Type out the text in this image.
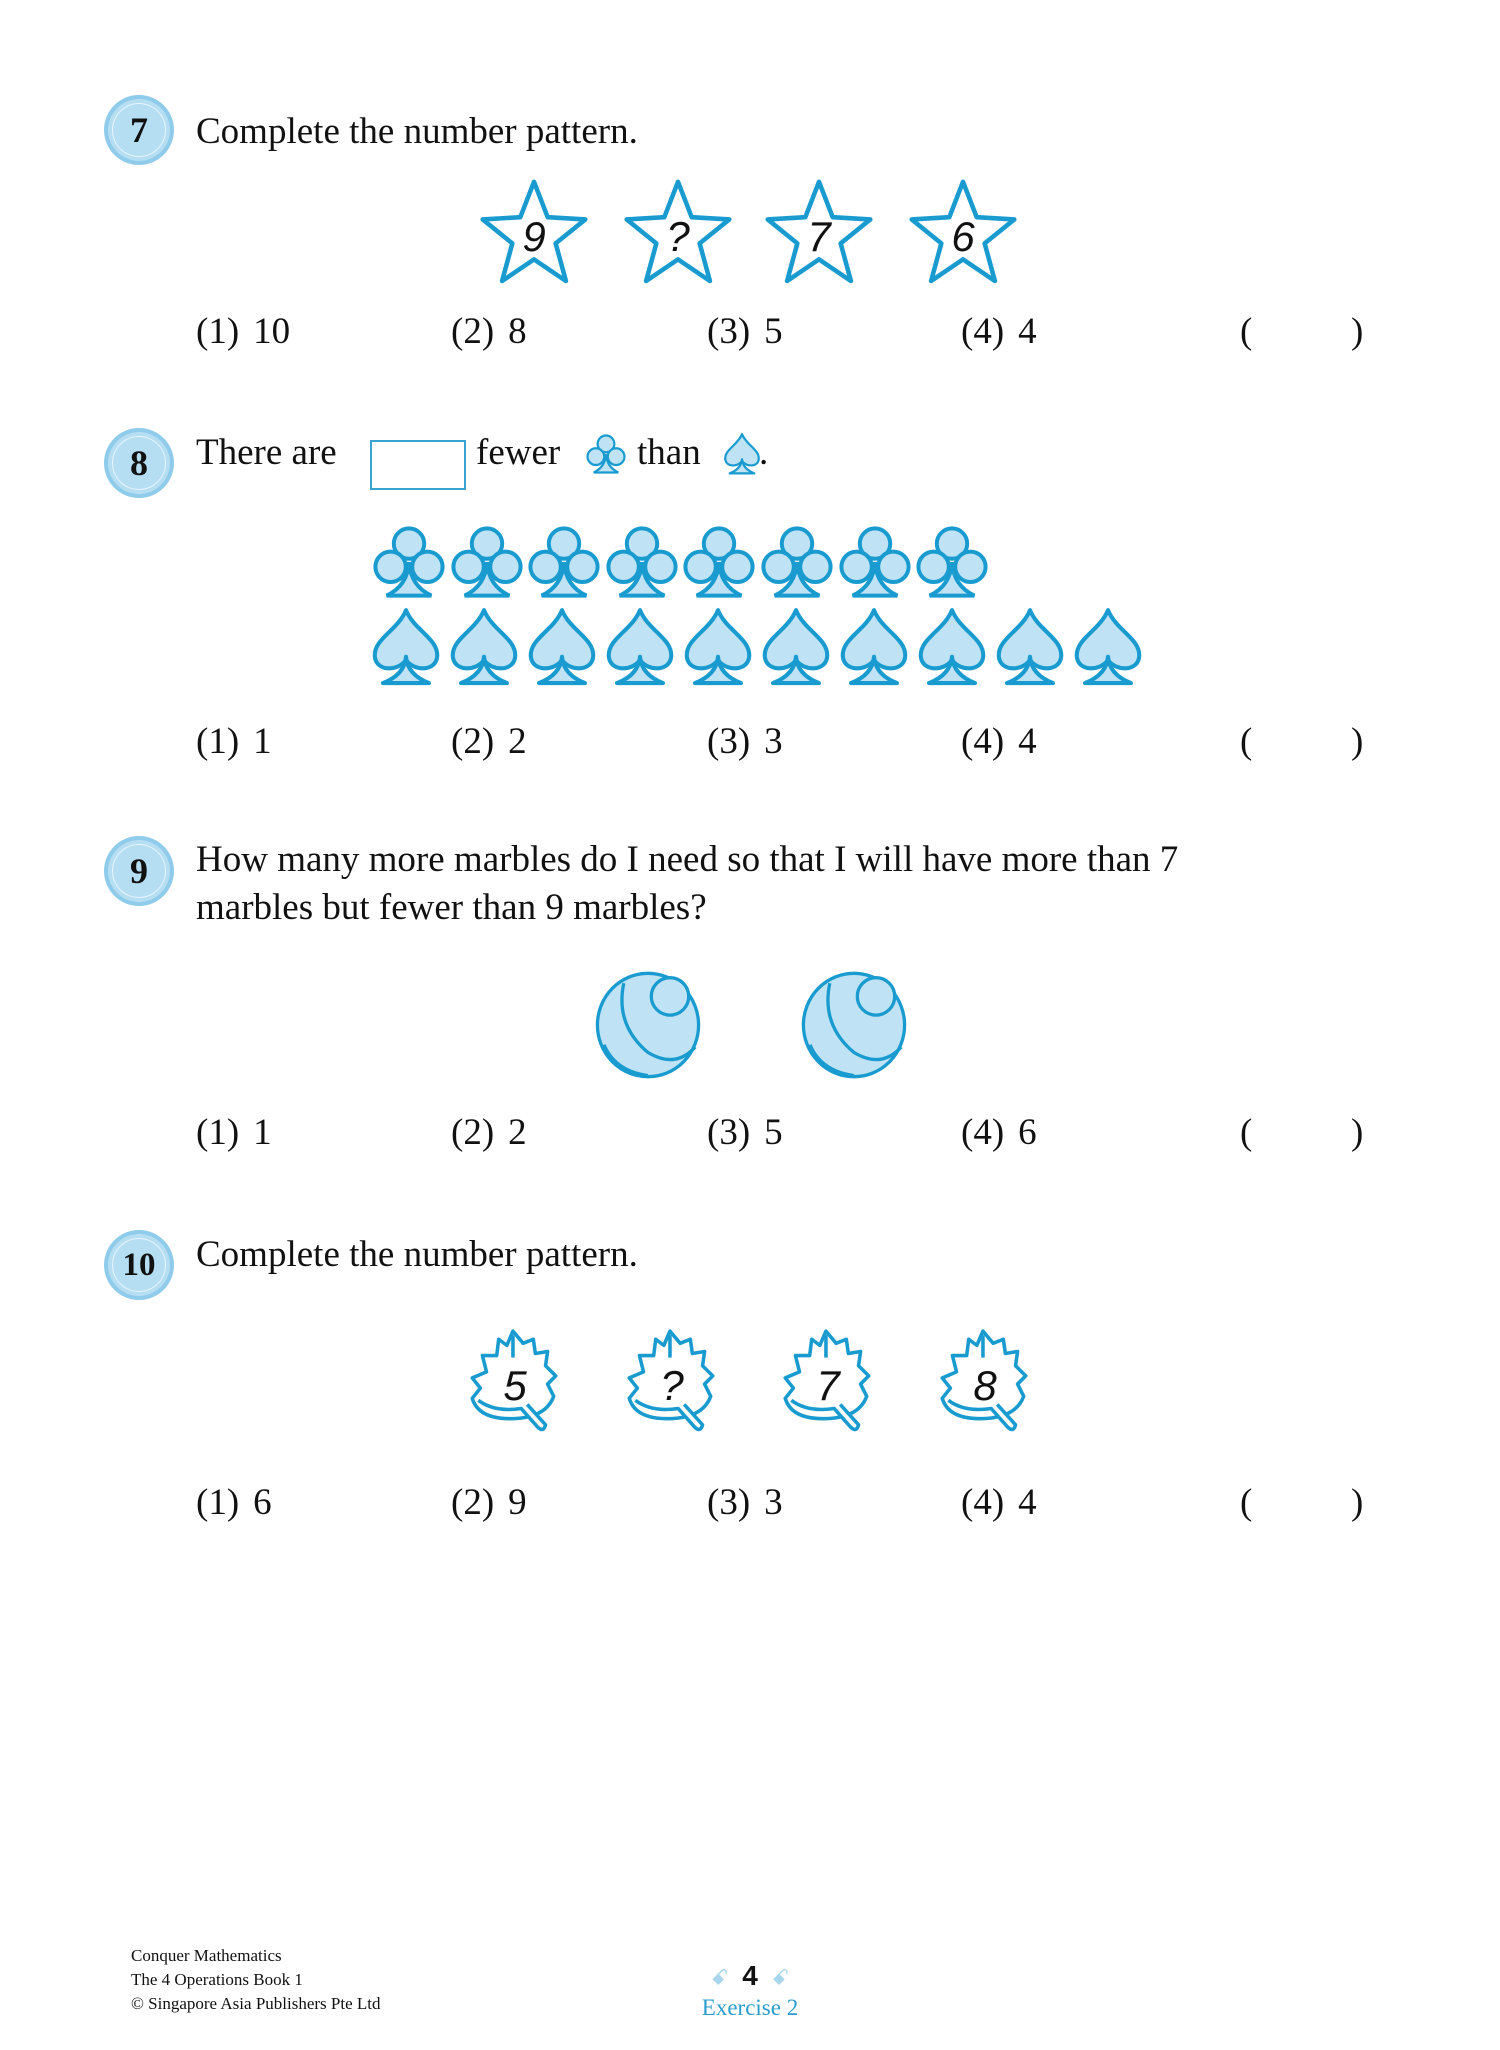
7	Complete the number pattern.
9	?	7	6
8	There are	fewer than .
9	How many more marbles do I need so that I will have more than 7
marbles but fewer than 9 marbles?
10	Complete the number pattern.
5	?	7	8
(1) 10	(2) 8	(3) 5	(4) 4	(	)
(1) 1	(2) 2	(3) 3	(4) 4	(	)
(1) 1	(2) 2	(3) 5	(4) 6	(	)
(1) 6	(2) 9	(3) 3	(4) 4	(	)
Conquer Mathematics
The 4 Operations Book 1
© Singapore Asia Publishers Pte Ltd
ꗃ 4 ꗃ
Exercise 2
